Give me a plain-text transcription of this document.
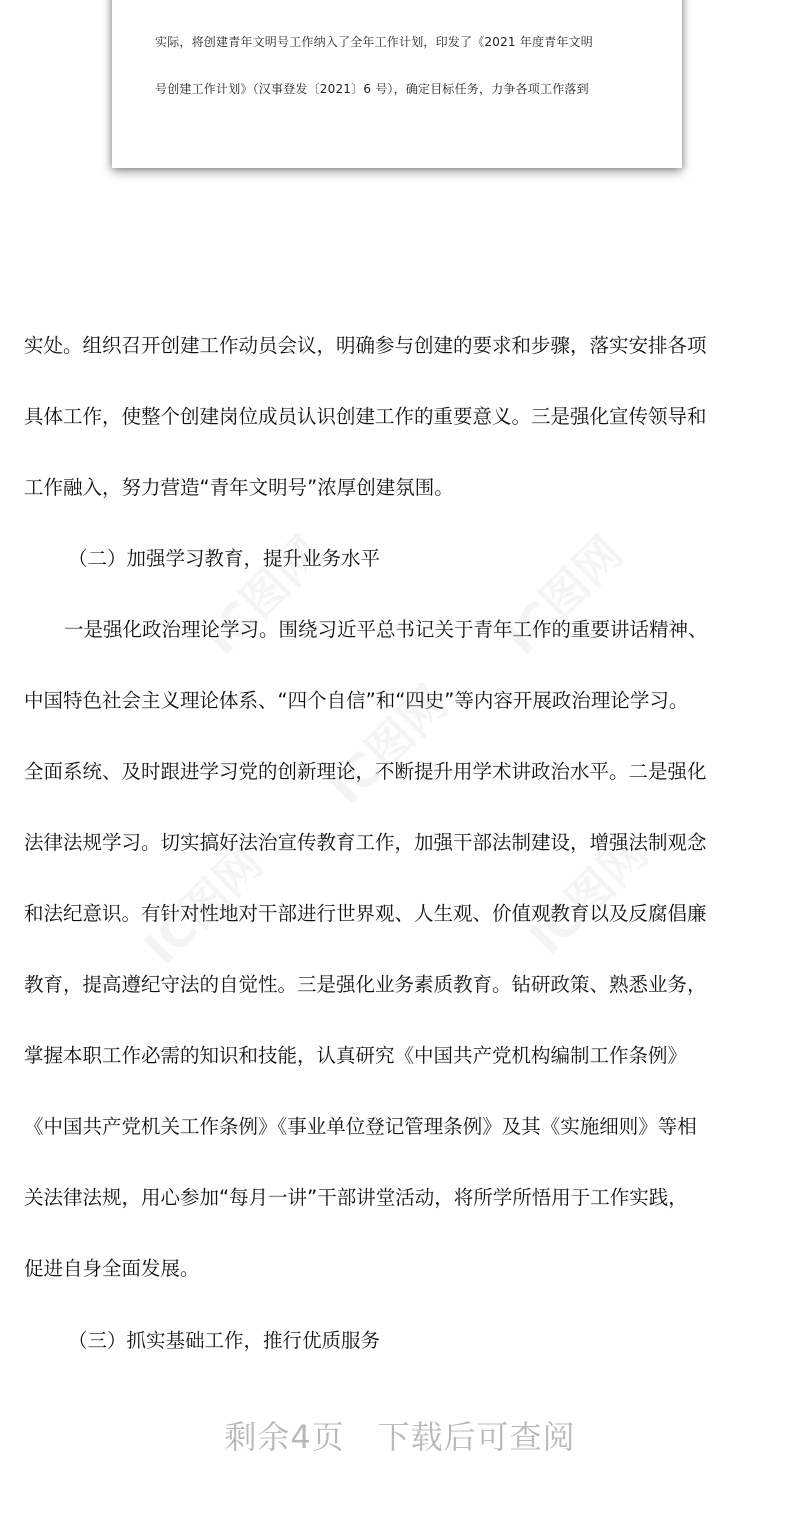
实际，将创建青年文明号工作纳入了全年工作计划，印发了《2021 年度青年文明
号创建工作计划》（汉事登发〔2021〕6 号），确定目标任务，力争各项工作落到
实处。组织召开创建工作动员会议，明确参与创建的要求和步骤，落实安排各项
具体工作，使整个创建岗位成员认识创建工作的重要意义。三是强化宣传领导和
工作融入，努力营造“青年文明号”浓厚创建氛围。
（二）加强学习教育，提升业务水平
一是强化政治理论学习。围绕习近平总书记关于青年工作的重要讲话精神、
中国特色社会主义理论体系、“四个自信”和“四史”等内容开展政治理论学习。
全面系统、及时跟进学习党的创新理论，不断提升用学术讲政治水平。二是强化
法律法规学习。切实搞好法治宣传教育工作，加强干部法制建设，增强法制观念
和法纪意识。有针对性地对干部进行世界观、人生观、价值观教育以及反腐倡廉
教育，提高遵纪守法的自觉性。三是强化业务素质教育。钻研政策、熟悉业务，
掌握本职工作必需的知识和技能，认真研究《中国共产党机构编制工作条例》
《中国共产党机关工作条例》《事业单位登记管理条例》及其《实施细则》等相
关法律法规，用心参加“每月一讲”干部讲堂活动，将所学所悟用于工作实践，
促进自身全面发展。
（三）抓实基础工作，推行优质服务
剩余4页　下载后可查阅
